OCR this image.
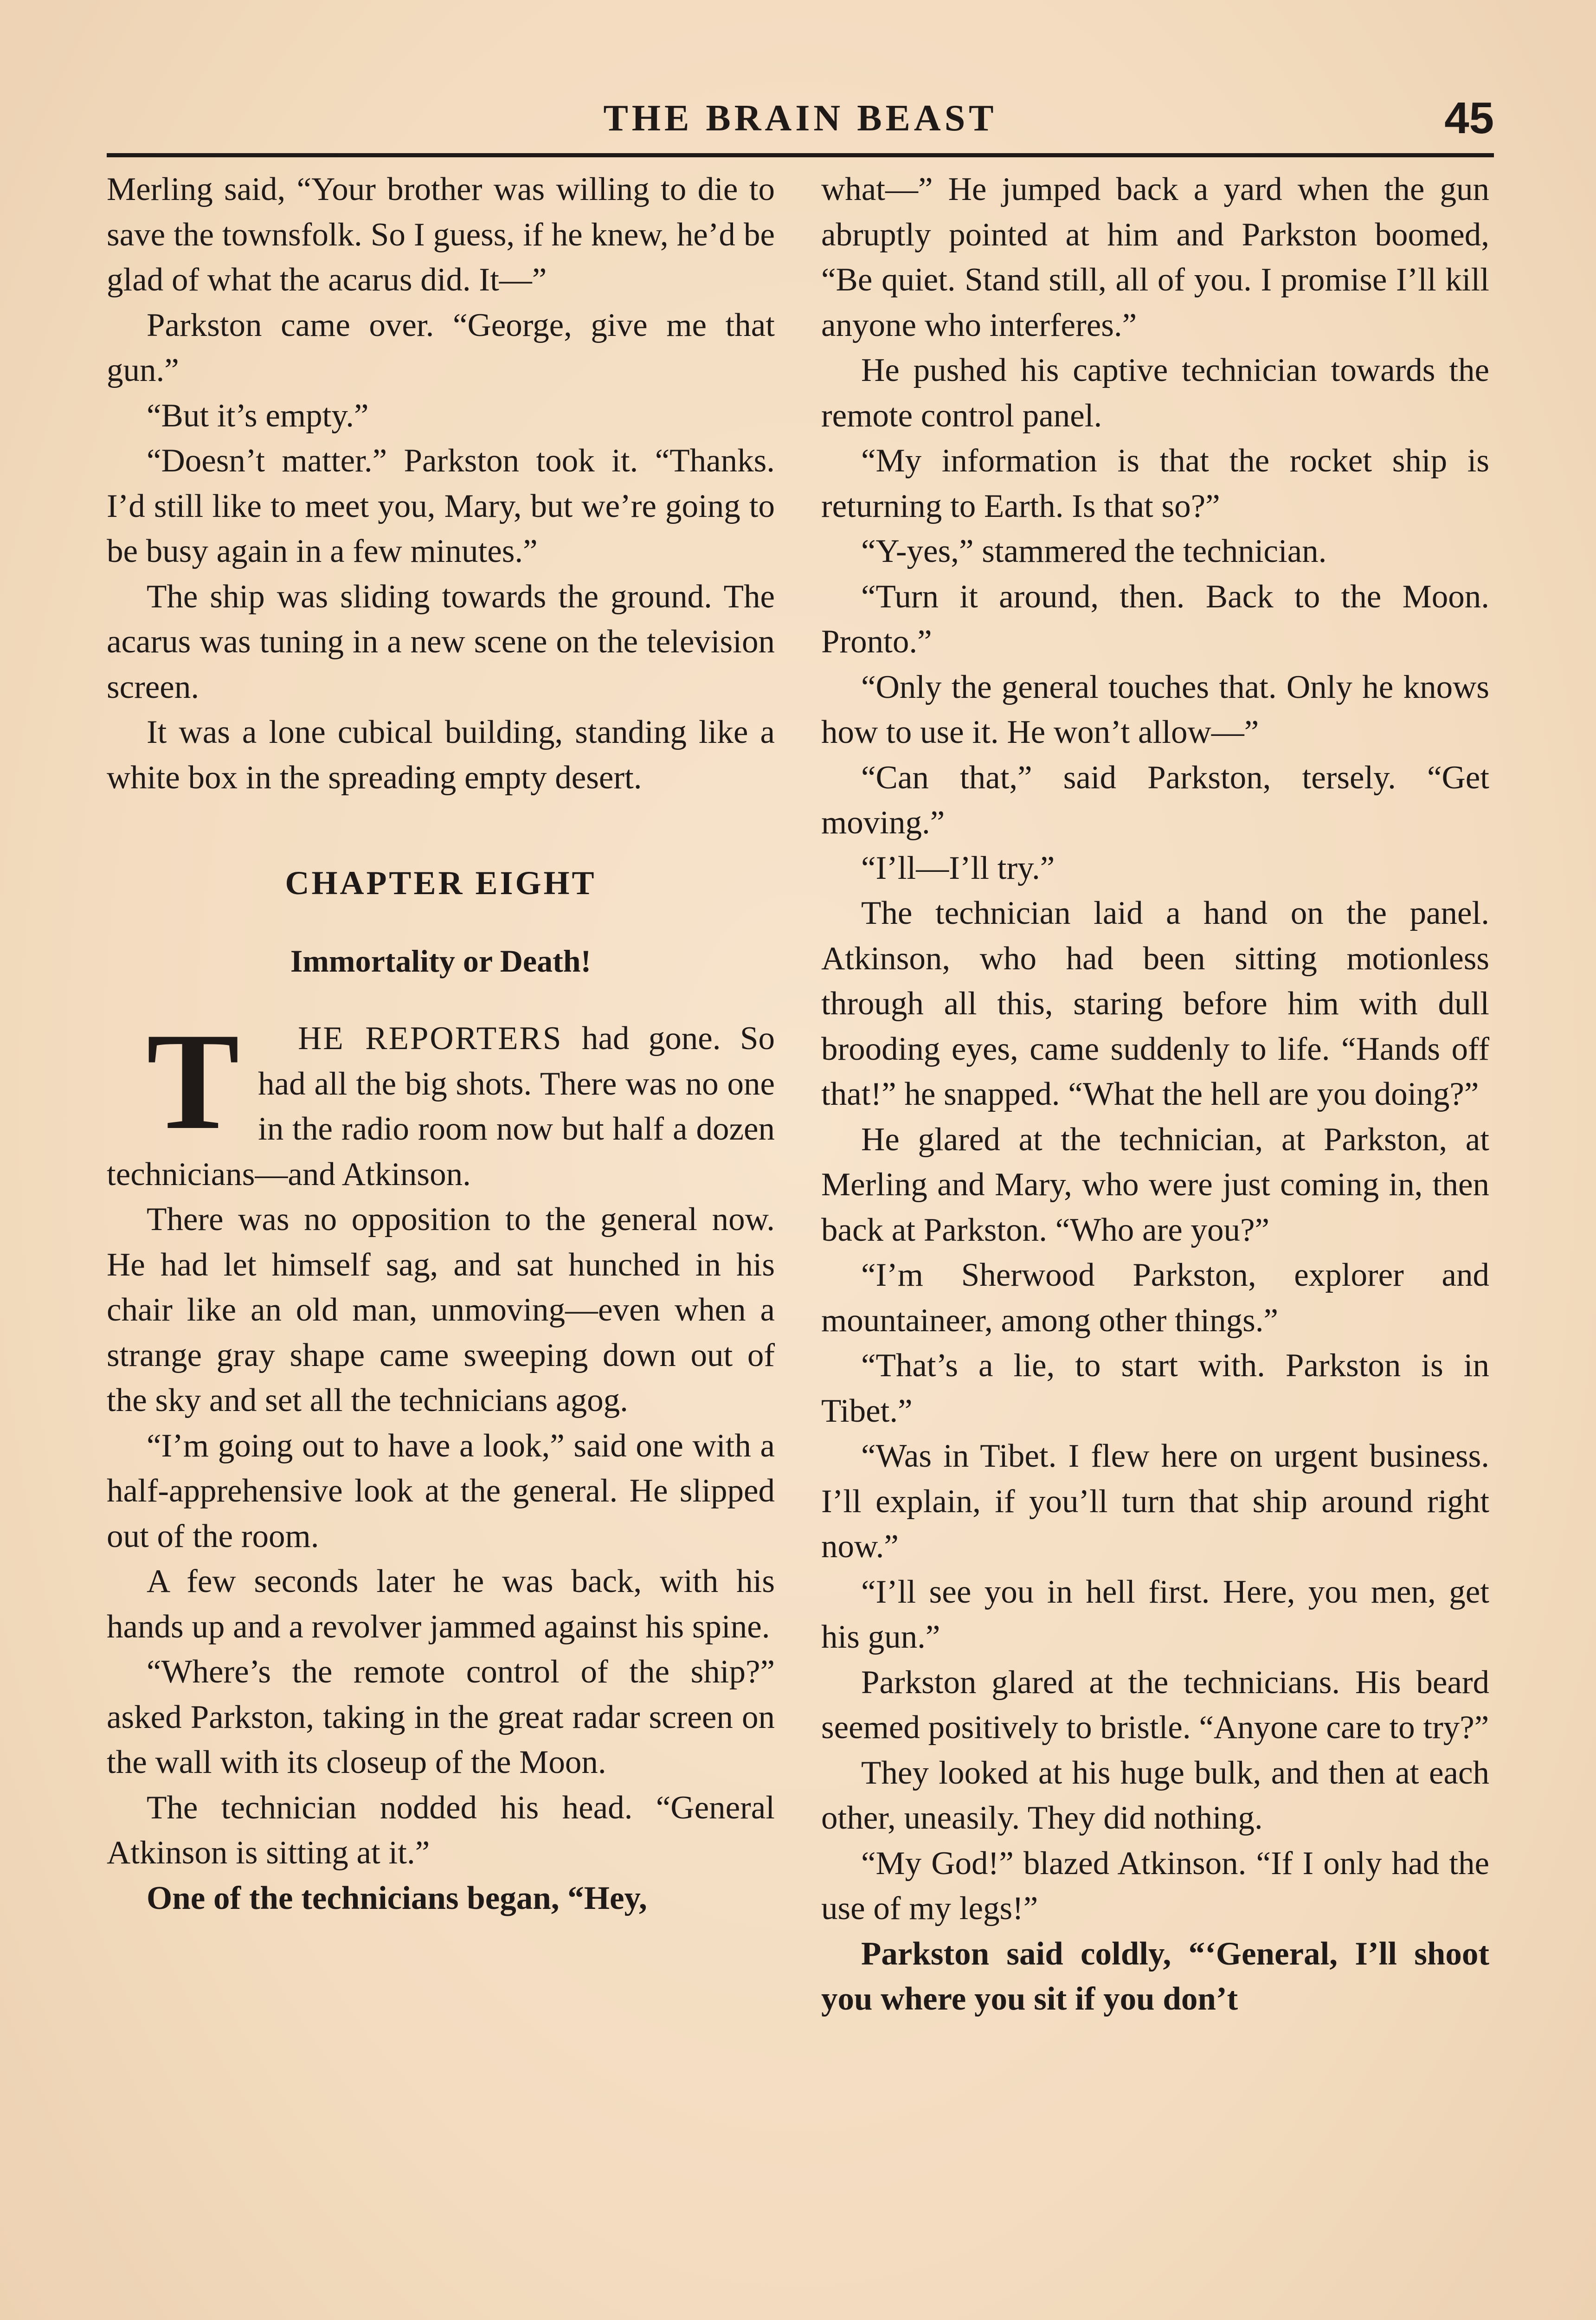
THE BRAIN BEAST	45

Merling said, “Your brother was willing to die to save the townsfolk. So I guess, if he knew, he’d be glad of what the acarus did. It—”

Parkston came over. “George, give me that gun.”

“But it’s empty.”

“Doesn’t matter.” Parkston took it. “Thanks. I’d still like to meet you, Mary, but we’re going to be busy again in a few minutes.”

The ship was sliding towards the ground. The acarus was tuning in a new scene on the television screen.

It was a lone cubical building, standing like a white box in the spreading empty desert.

CHAPTER EIGHT
Immortality or Death!

T HE REPORTERS had gone. So had all the big shots. There was no one in the radio room now but half a dozen technicians—and Atkinson.

There was no opposition to the general now. He had let himself sag, and sat hunched in his chair like an old man, unmoving—even when a strange gray shape came sweeping down out of the sky and set all the technicians agog.

“I’m going out to have a look,” said one with a half-apprehensive look at the general. He slipped out of the room.

A few seconds later he was back, with his hands up and a revolver jammed against his spine.

“Where’s the remote control of the ship?” asked Parkston, taking in the great radar screen on the wall with its closeup of the Moon.

The technician nodded his head. “General Atkinson is sitting at it.”

One of the technicians began, “Hey,

what—” He jumped back a yard when the gun abruptly pointed at him and Parkston boomed, “Be quiet. Stand still, all of you. I promise I’ll kill anyone who interferes.”

He pushed his captive technician towards the remote control panel.

“My information is that the rocket ship is returning to Earth. Is that so?”

“Y-yes,” stammered the technician.

“Turn it around, then. Back to the Moon. Pronto.”

“Only the general touches that. Only he knows how to use it. He won’t allow—”

“Can that,” said Parkston, tersely. “Get moving.”

“I’ll—I’ll try.”

The technician laid a hand on the panel. Atkinson, who had been sitting motionless through all this, staring before him with dull brooding eyes, came suddenly to life. “Hands off that!” he snapped. “What the hell are you doing?”

He glared at the technician, at Parkston, at Merling and Mary, who were just coming in, then back at Parkston. “Who are you?”

“I’m Sherwood Parkston, explorer and mountaineer, among other things.”

“That’s a lie, to start with. Parkston is in Tibet.”

“Was in Tibet. I flew here on urgent business. I’ll explain, if you’ll turn that ship around right now.”

“I’ll see you in hell first. Here, you men, get his gun.”

Parkston glared at the technicians. His beard seemed positively to bristle. “Anyone care to try?”

They looked at his huge bulk, and then at each other, uneasily. They did nothing.

“My God!” blazed Atkinson. “If I only had the use of my legs!”

Parkston said coldly, “‘General, I’ll shoot you where you sit if you don’t
